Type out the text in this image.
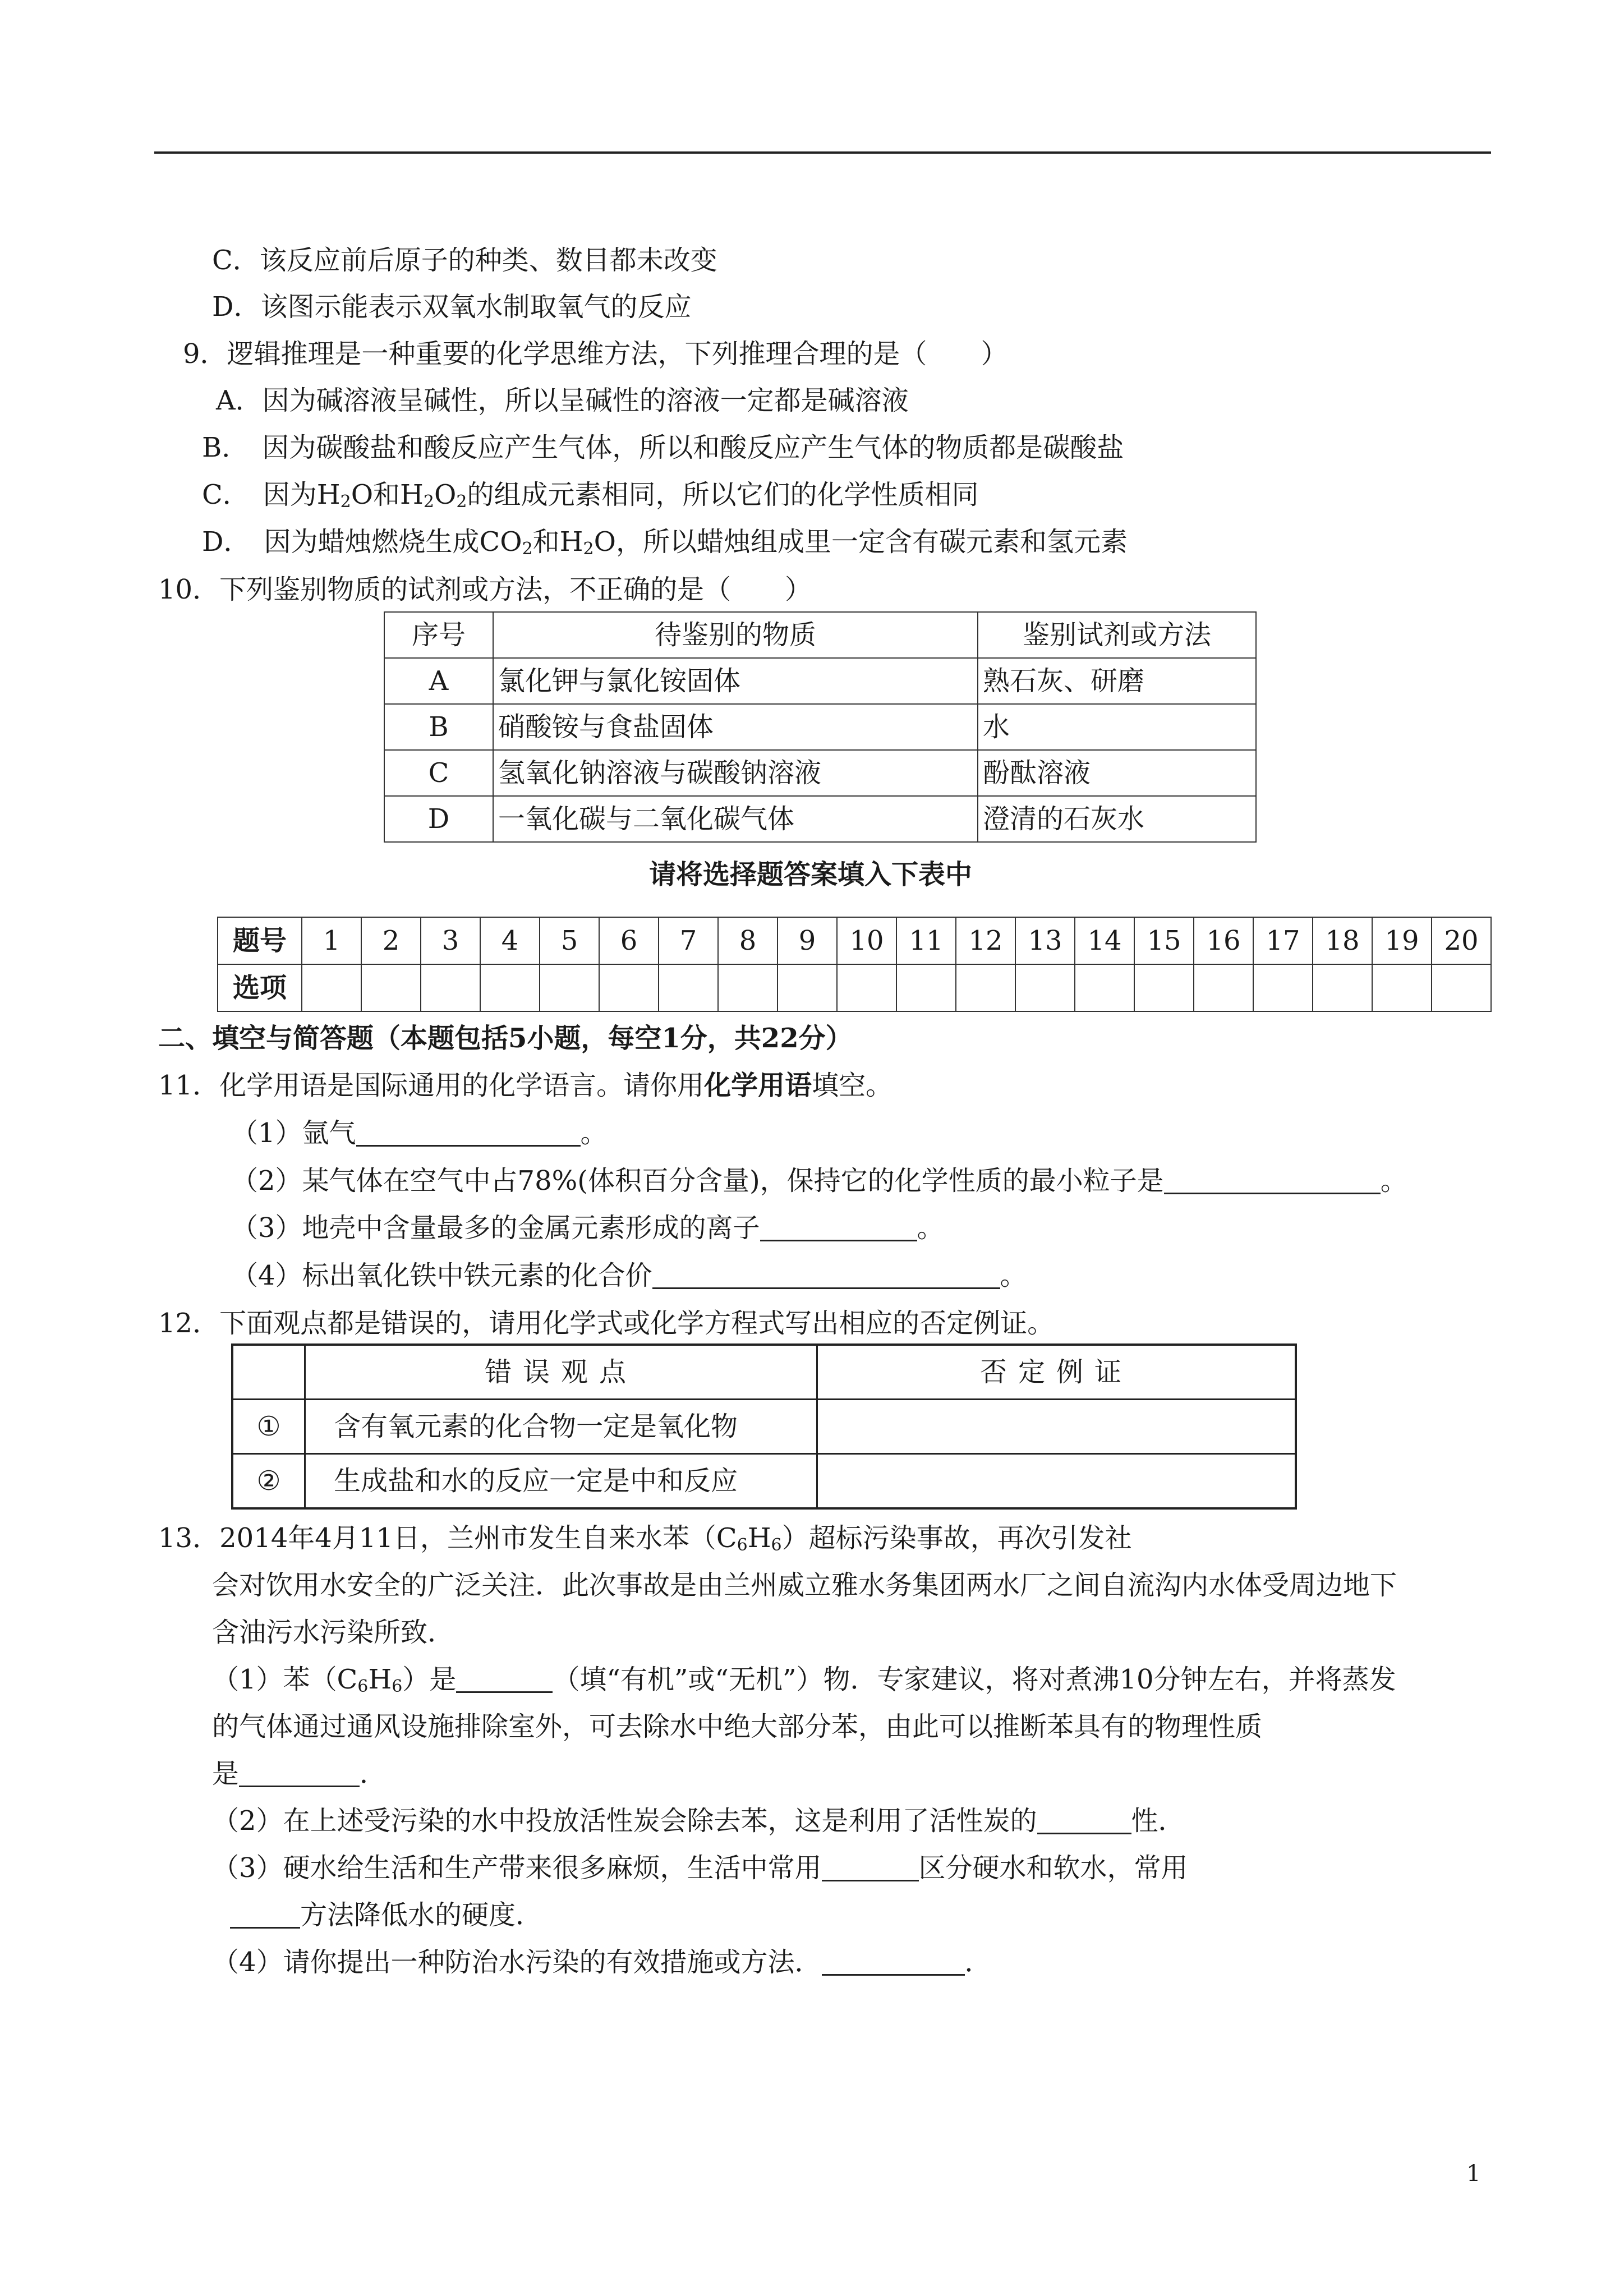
C．该反应前后原子的种类、数目都未改变
D．该图示能表示双氧水制取氧气的反应
9．逻辑推理是一种重要的化学思维方法，下列推理合理的是（　　）
A．因为碱溶液呈碱性，所以呈碱性的溶液一定都是碱溶液
B．　因为碳酸盐和酸反应产生气体，所以和酸反应产生气体的物质都是碳酸盐
C．　因为$H_2O$和$H_2O_2$的组成元素相同，所以它们的化学性质相同
D．　因为蜡烛燃烧生成$CO_2$和$H_2O$，所以蜡烛组成里一定含有碳元素和氢元素
10．下列鉴别物质的试剂或方法，不正确的是（　　）
序号	待鉴别的物质	鉴别试剂或方法
A	氯化钾与氯化铵固体	熟石灰、研磨
B	硝酸铵与食盐固体	水
C	氢氧化钠溶液与碳酸钠溶液	酚酞溶液
D	一氧化碳与二氧化碳气体	澄清的石灰水
请将选择题答案填入下表中
题号	1	2	3	4	5	6	7	8	9	10	11	12	13	14	15	16	17	18	19	20
选项																				
二、填空与简答题（本题包括5小题，每空1分，共22分）
11．化学用语是国际通用的化学语言。请你用化学用语填空。
（1）氩气	。
（2）某气体在空气中占78%(体积百分含量)，保持它的化学性质的最小粒子是	。
（3）地壳中含量最多的金属元素形成的离子	。
（4）标出氧化铁中铁元素的化合价	。
12．下面观点都是错误的，请用化学式或化学方程式写出相应的否定例证。
	错误观点	否定例证
①	含有氧元素的化合物一定是氧化物	
②	生成盐和水的反应一定是中和反应	
13．2014年4月11日，兰州市发生自来水苯$(C_6H_6)$超标污染事故，再次引发社
会对饮用水安全的广泛关注．此次事故是由兰州威立雅水务集团两水厂之间自流沟内水体受周边地下
含油污水污染所致．
（1）苯$(C_6H_6)$是	（填“有机”或“无机”）物．专家建议，将对煮沸10分钟左右，并将蒸发
的气体通过通风设施排除室外，可去除水中绝大部分苯，由此可以推断苯具有的物理性质
是	．
（2）在上述受污染的水中投放活性炭会除去苯，这是利用了活性炭的	性．
（3）硬水给生活和生产带来很多麻烦，生活中常用	区分硬水和软水，常用
方法降低水的硬度．
（4）请你提出一种防治水污染的有效措施或方法．	．
1
